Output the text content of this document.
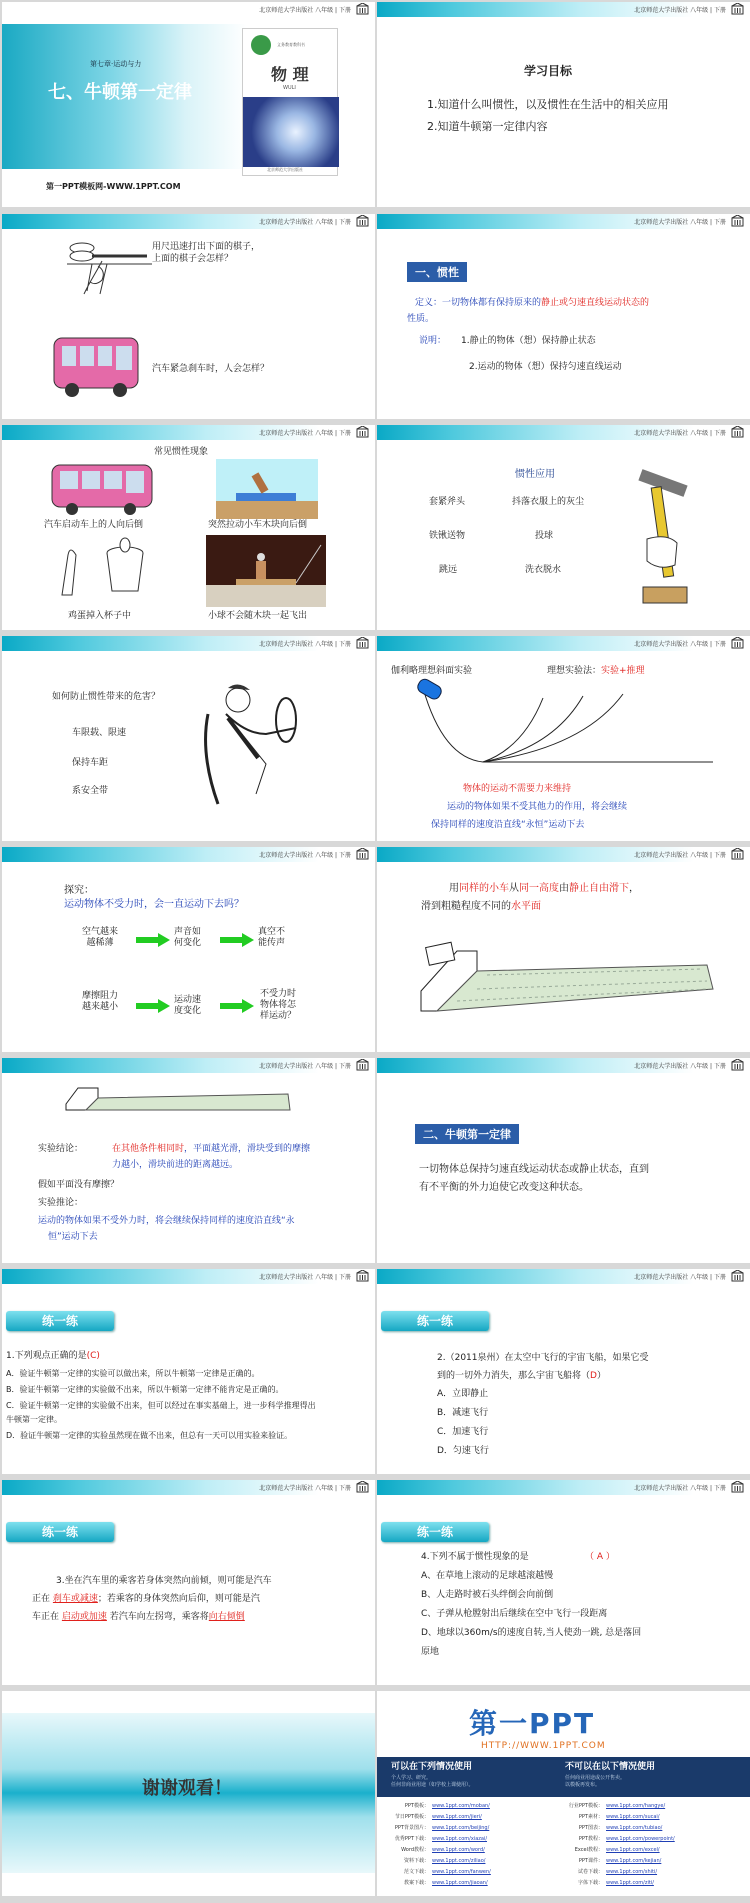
北京师范大学出版社 八年级 | 下册
第七章·运动与力
七、牛顿第一定律
第一PPT模板网-WWW.1PPT.COM
义务教育教科书
物 理
WULI
北京师范大学出版社
北京师范大学出版社 八年级 | 下册
学习目标
1.知道什么叫惯性，以及惯性在生活中的相关应用
2.知道牛顿第一定律内容
北京师范大学出版社 八年级 | 下册
用尺迅速打出下面的棋子，
上面的棋子会怎样？
汽车紧急刹车时，人会怎样？
北京师范大学出版社 八年级 | 下册
一、惯性
定义：一切物体都有保持原来的静止或匀速直线运动状态的
性质。
说明： 1.静止的物体（想）保持静止状态
2.运动的物体（想）保持匀速直线运动
北京师范大学出版社 八年级 | 下册
常见惯性现象
汽车启动车上的人向后倒	突然拉动小车木块向后倒
鸡蛋掉入杯子中	小球不会随木块一起飞出
北京师范大学出版社 八年级 | 下册
惯性应用
套紧斧头	抖落衣服上的灰尘
铁锹送物	投球
跳远	洗衣脱水
北京师范大学出版社 八年级 | 下册
如何防止惯性带来的危害？
车限载、限速
保持车距
系安全带
北京师范大学出版社 八年级 | 下册
伽利略理想斜面实验	理想实验法：实验+推理
物体的运动不需要力来维持
运动的物体如果不受其他力的作用，将会继续
保持同样的速度沿直线“永恒”运动下去
北京师范大学出版社 八年级 | 下册
探究：
运动物体不受力时，会一直运动下去吗？
空气越来
越稀薄
声音如
何变化
真空不
能传声
摩擦阻力
越来越小
运动速
度变化
不受力时
物体将怎
样运动？
北京师范大学出版社 八年级 | 下册
用同样的小车从同一高度由静止自由滑下，
滑到粗糙程度不同的水平面
北京师范大学出版社 八年级 | 下册
实验结论：	在其他条件相同时，平面越光滑，滑块受到的摩擦
力越小，滑块前进的距离越远。
假如平面没有摩擦？
实验推论：
运动的物体如果不受外力时，将会继续保持同样的速度沿直线“永
恒”运动下去
北京师范大学出版社 八年级 | 下册
二、牛顿第一定律
一切物体总保持匀速直线运动状态或静止状态，直到
有不平衡的外力迫使它改变这种状态。
北京师范大学出版社 八年级 | 下册
练一练
1.下列观点正确的是(C)
A．验证牛顿第一定律的实验可以做出来，所以牛顿第一定律是正确的。
B．验证牛顿第一定律的实验做不出来，所以牛顿第一定律不能肯定是正确的。
C．验证牛顿第一定律的实验做不出来，但可以经过在事实基础上，进一步科学推理得出
牛顿第一定律。
D．验证牛顿第一定律的实验虽然现在做不出来，但总有一天可以用实验来验证。
北京师范大学出版社 八年级 | 下册
练一练
2.（2011泉州）在太空中飞行的宇宙飞船，如果它受
到的一切外力消失，那么宇宙飞船将（D）
A．立即静止
B．减速飞行
C．加速飞行
D．匀速飞行
北京师范大学出版社 八年级 | 下册
练一练
3.坐在汽车里的乘客若身体突然向前倾，则可能是汽车
正在 刹车或减速；若乘客的身体突然向后仰，则可能是汽
车正在 启动或加速 若汽车向左拐弯，乘客将向右倾倒
北京师范大学出版社 八年级 | 下册
练一练
4.下列不属于惯性现象的是	（ A ）
A、在草地上滚动的足球越滚越慢
B、人走路时被石头绊倒会向前倒
C、子弹从枪膛射出后继续在空中飞行一段距离
D、地球以360m/s的速度自转,当人使劲一跳, 总是落回
原地
谢谢观看！
第一PPT
HTTP://WWW.1PPT.COM
可以在下列情况使用
个人学习、研究。
任何非商业用途（如学校上课使用）。
不可以在以下情况使用
任何商业用途或公开售卖。
以模板再发布。
PPT模板： www.1ppt.com/moban/
节日PPT模板： www.1ppt.com/jieri/
PPT背景图片： www.1ppt.com/beijing/
优秀PPT下载： www.1ppt.com/xiazai/
Word教程： www.1ppt.com/word/
资料下载： www.1ppt.com/ziliao/
范文下载： www.1ppt.com/fanwen/
教案下载： www.1ppt.com/jiaoan/
行业PPT模板： www.1ppt.com/hangye/
PPT素材： www.1ppt.com/sucai/
PPT图表： www.1ppt.com/tubiao/
PPT教程： www.1ppt.com/powerpoint/
Excel教程： www.1ppt.com/excel/
PPT课件： www.1ppt.com/kejian/
试卷下载： www.1ppt.com/shiti/
字体下载： www.1ppt.com/ziti/
